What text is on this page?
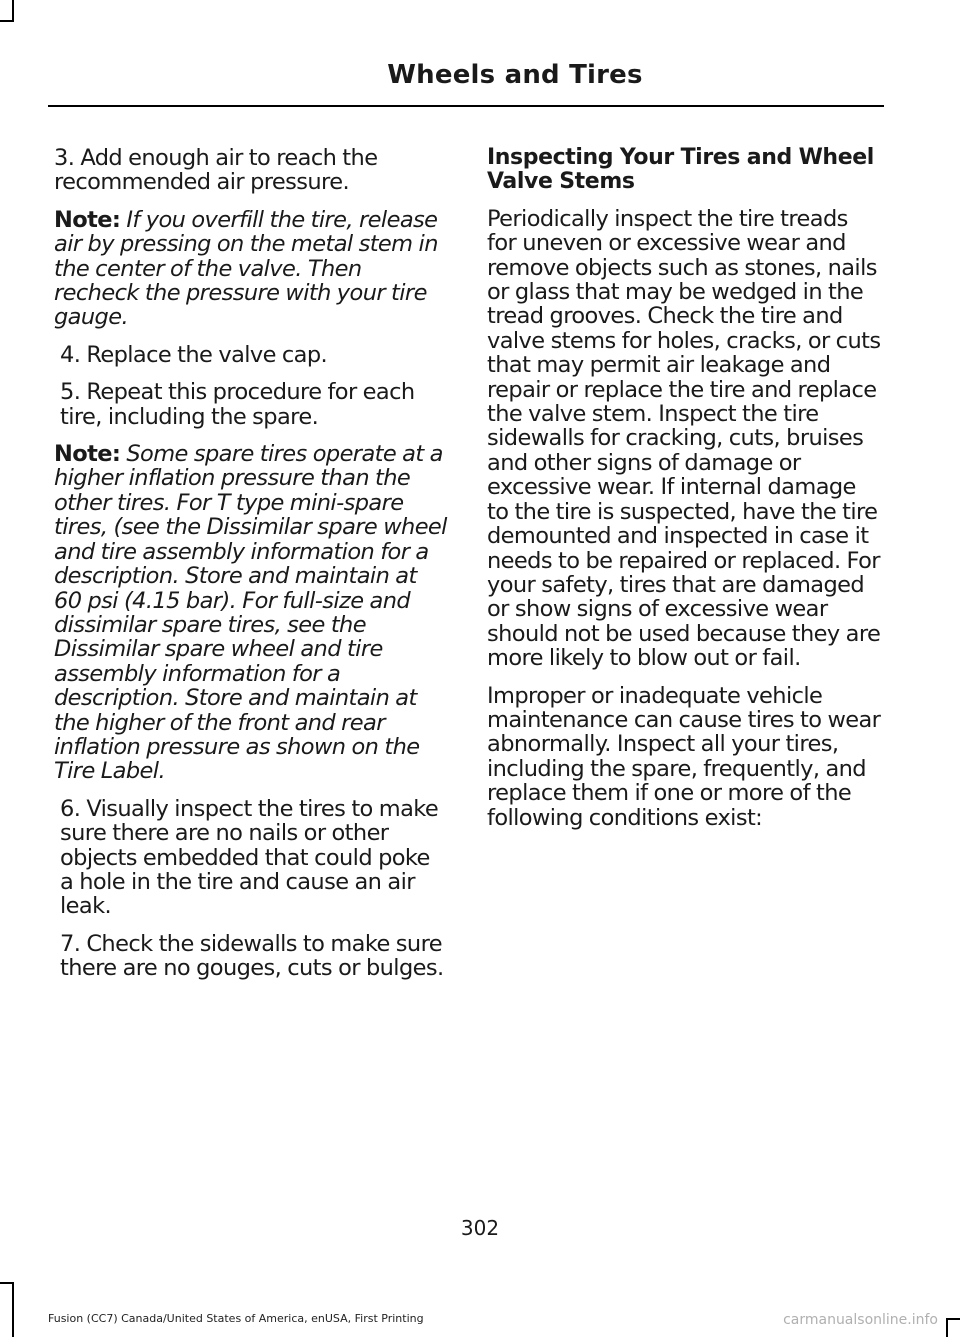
Wheels and Tires

3. Add enough air to reach the recommended air pressure.

Note: If you overfill the tire, release air by pressing on the metal stem in the center of the valve. Then recheck the pressure with your tire gauge.

4. Replace the valve cap.

5. Repeat this procedure for each tire, including the spare.

Note: Some spare tires operate at a higher inflation pressure than the other tires. For T type mini-spare tires, (see the Dissimilar spare wheel and tire assembly information for a description. Store and maintain at 60 psi (4.15 bar). For full-size and dissimilar spare tires, see the Dissimilar spare wheel and tire assembly information for a description. Store and maintain at the higher of the front and rear inflation pressure as shown on the Tire Label.

6. Visually inspect the tires to make sure there are no nails or other objects embedded that could poke a hole in the tire and cause an air leak.

7. Check the sidewalls to make sure there are no gouges, cuts or bulges.

Inspecting Your Tires and Wheel Valve Stems

Periodically inspect the tire treads for uneven or excessive wear and remove objects such as stones, nails or glass that may be wedged in the tread grooves. Check the tire and valve stems for holes, cracks, or cuts that may permit air leakage and repair or replace the tire and replace the valve stem. Inspect the tire sidewalls for cracking, cuts, bruises and other signs of damage or excessive wear. If internal damage to the tire is suspected, have the tire demounted and inspected in case it needs to be repaired or replaced. For your safety, tires that are damaged or show signs of excessive wear should not be used because they are more likely to blow out or fail.

Improper or inadequate vehicle maintenance can cause tires to wear abnormally. Inspect all your tires, including the spare, frequently, and replace them if one or more of the following conditions exist:

302
Fusion (CC7) Canada/United States of America, enUSA, First Printing	carmanualsonline.info
